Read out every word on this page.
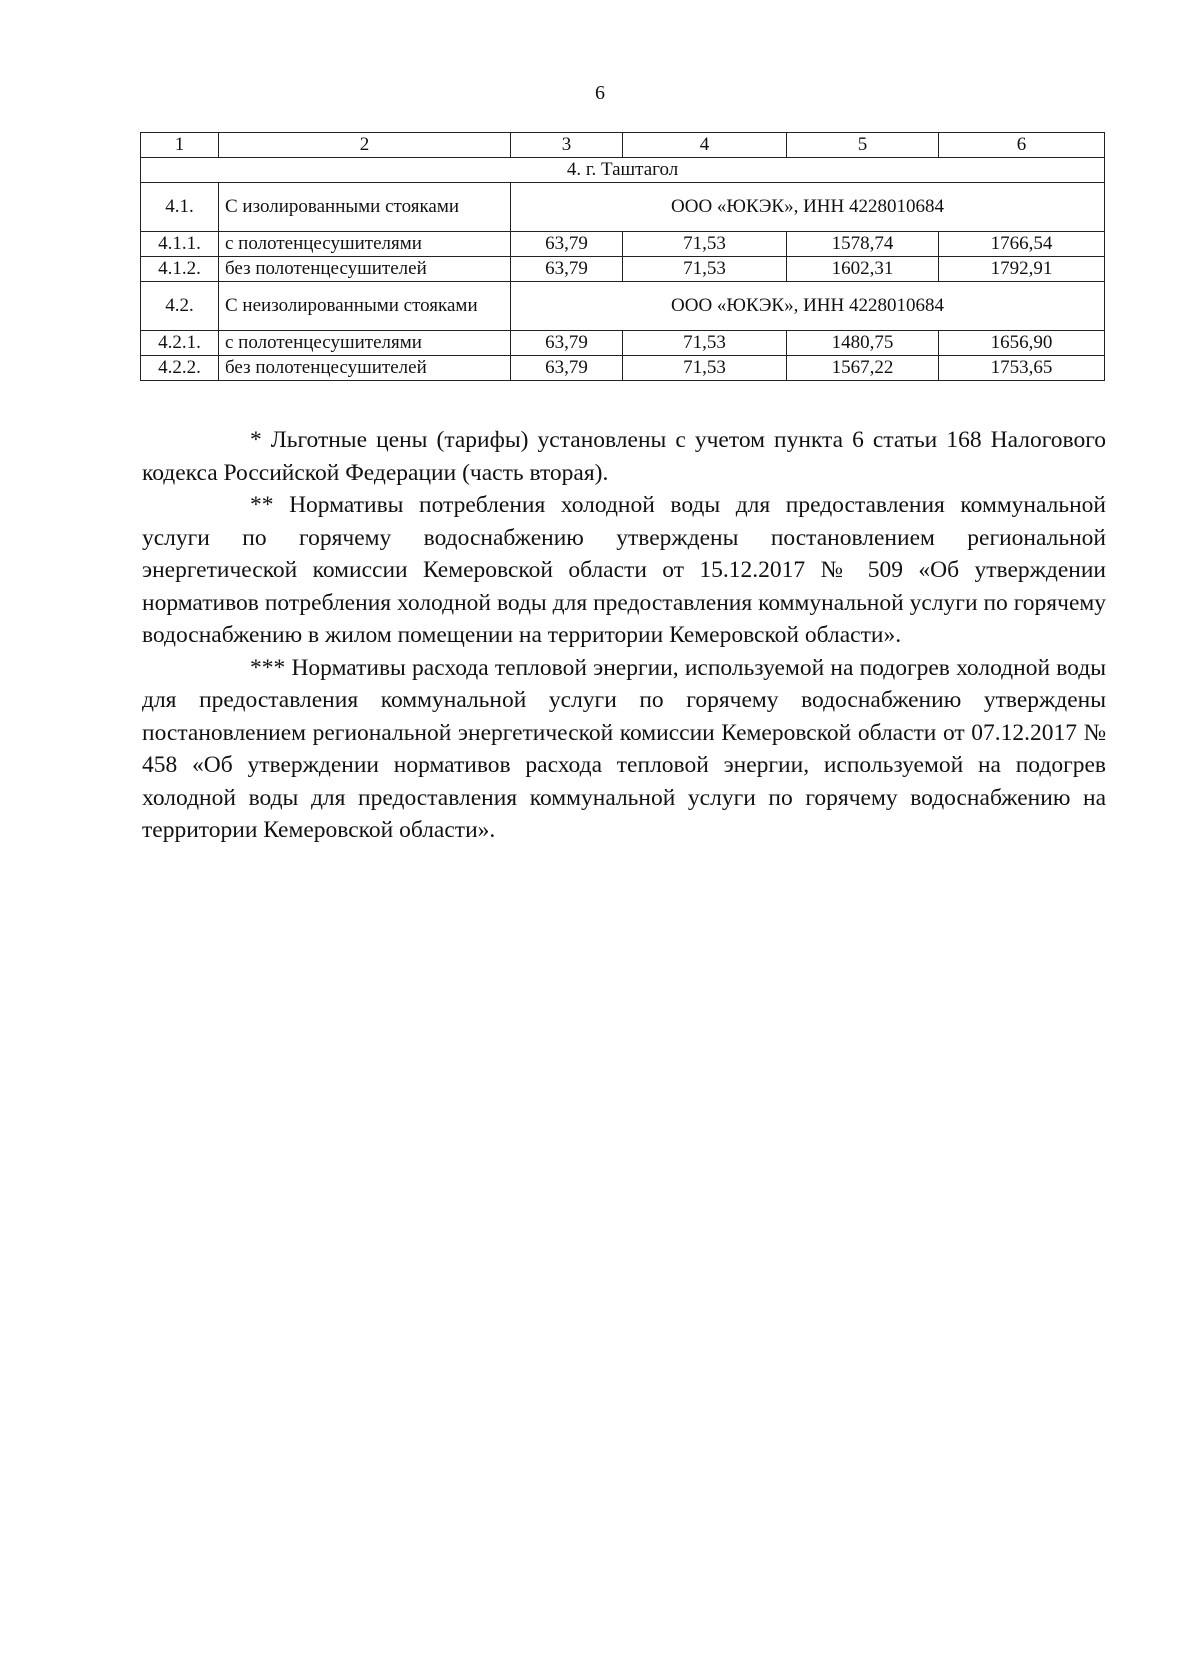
6
1	2	3	4	5	6
4. г. Таштагол					
4.1.	С изолированными стояками	ООО «ЮКЭК», ИНН 4228010684			
4.1.1.	с полотенцесушителями	63,79	71,53	1578,74	1766,54
4.1.2.	без полотенцесушителей	63,79	71,53	1602,31	1792,91
4.2.	С неизолированными стояками	ООО «ЮКЭК», ИНН 4228010684			
4.2.1.	с полотенцесушителями	63,79	71,53	1480,75	1656,90
4.2.2.	без полотенцесушителей	63,79	71,53	1567,22	1753,65

* Льготные цены (тарифы) установлены с учетом пункта 6 статьи 168 Налогового кодекса Российской Федерации (часть вторая).

** Нормативы потребления холодной воды для предоставления коммунальной услуги по горячему водоснабжению утверждены постановлением региональной энергетической комиссии Кемеровской области от 15.12.2017 № 509 «Об утверждении нормативов потребления холодной воды для предоставления коммунальной услуги по горячему водоснабжению в жилом помещении на территории Кемеровской области».

*** Нормативы расхода тепловой энергии, используемой на подогрев холодной воды для предоставления коммунальной услуги по горячему водоснабжению утверждены постановлением региональной энергетической комиссии Кемеровской области от 07.12.2017 № 458 «Об утверждении нормативов расхода тепловой энергии, используемой на подогрев холодной воды для предоставления коммунальной услуги по горячему водоснабжению на территории Кемеровской области».
